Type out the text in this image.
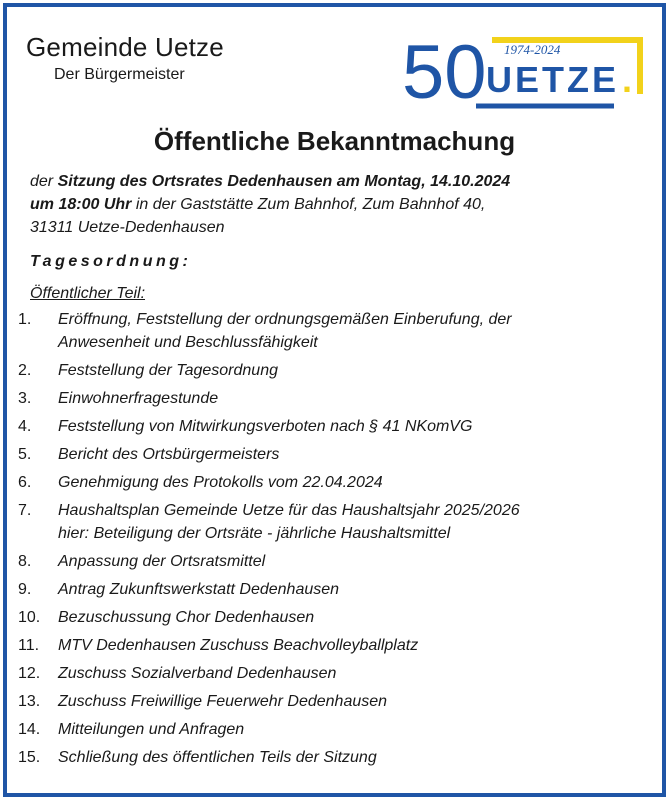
Gemeinde Uetze
Der Bürgermeister	50 1974-2024
UETZE .
Öffentliche Bekanntmachung
der Sitzung des Ortsrates Dedenhausen am Montag, 14.10.2024
um 18:00 Uhr in der Gaststätte Zum Bahnhof, Zum Bahnhof 40,
31311 Uetze-Dedenhausen
Tagesordnung:
Öffentlicher Teil:
1. Eröffnung, Feststellung der ordnungsgemäßen Einberufung, der
Anwesenheit und Beschlussfähigkeit
2. Feststellung der Tagesordnung
3. Einwohnerfragestunde
4. Feststellung von Mitwirkungsverboten nach § 41 NKomVG
5. Bericht des Ortsbürgermeisters
6. Genehmigung des Protokolls vom 22.04.2024
7. Haushaltsplan Gemeinde Uetze für das Haushaltsjahr 2025/2026
hier: Beteiligung der Ortsräte - jährliche Haushaltsmittel
8. Anpassung der Ortsratsmittel
9. Antrag Zukunftswerkstatt Dedenhausen
10. Bezuschussung Chor Dedenhausen
11. MTV Dedenhausen Zuschuss Beachvolleyballplatz
12. Zuschuss Sozialverband Dedenhausen
13. Zuschuss Freiwillige Feuerwehr Dedenhausen
14. Mitteilungen und Anfragen
15. Schließung des öffentlichen Teils der Sitzung
